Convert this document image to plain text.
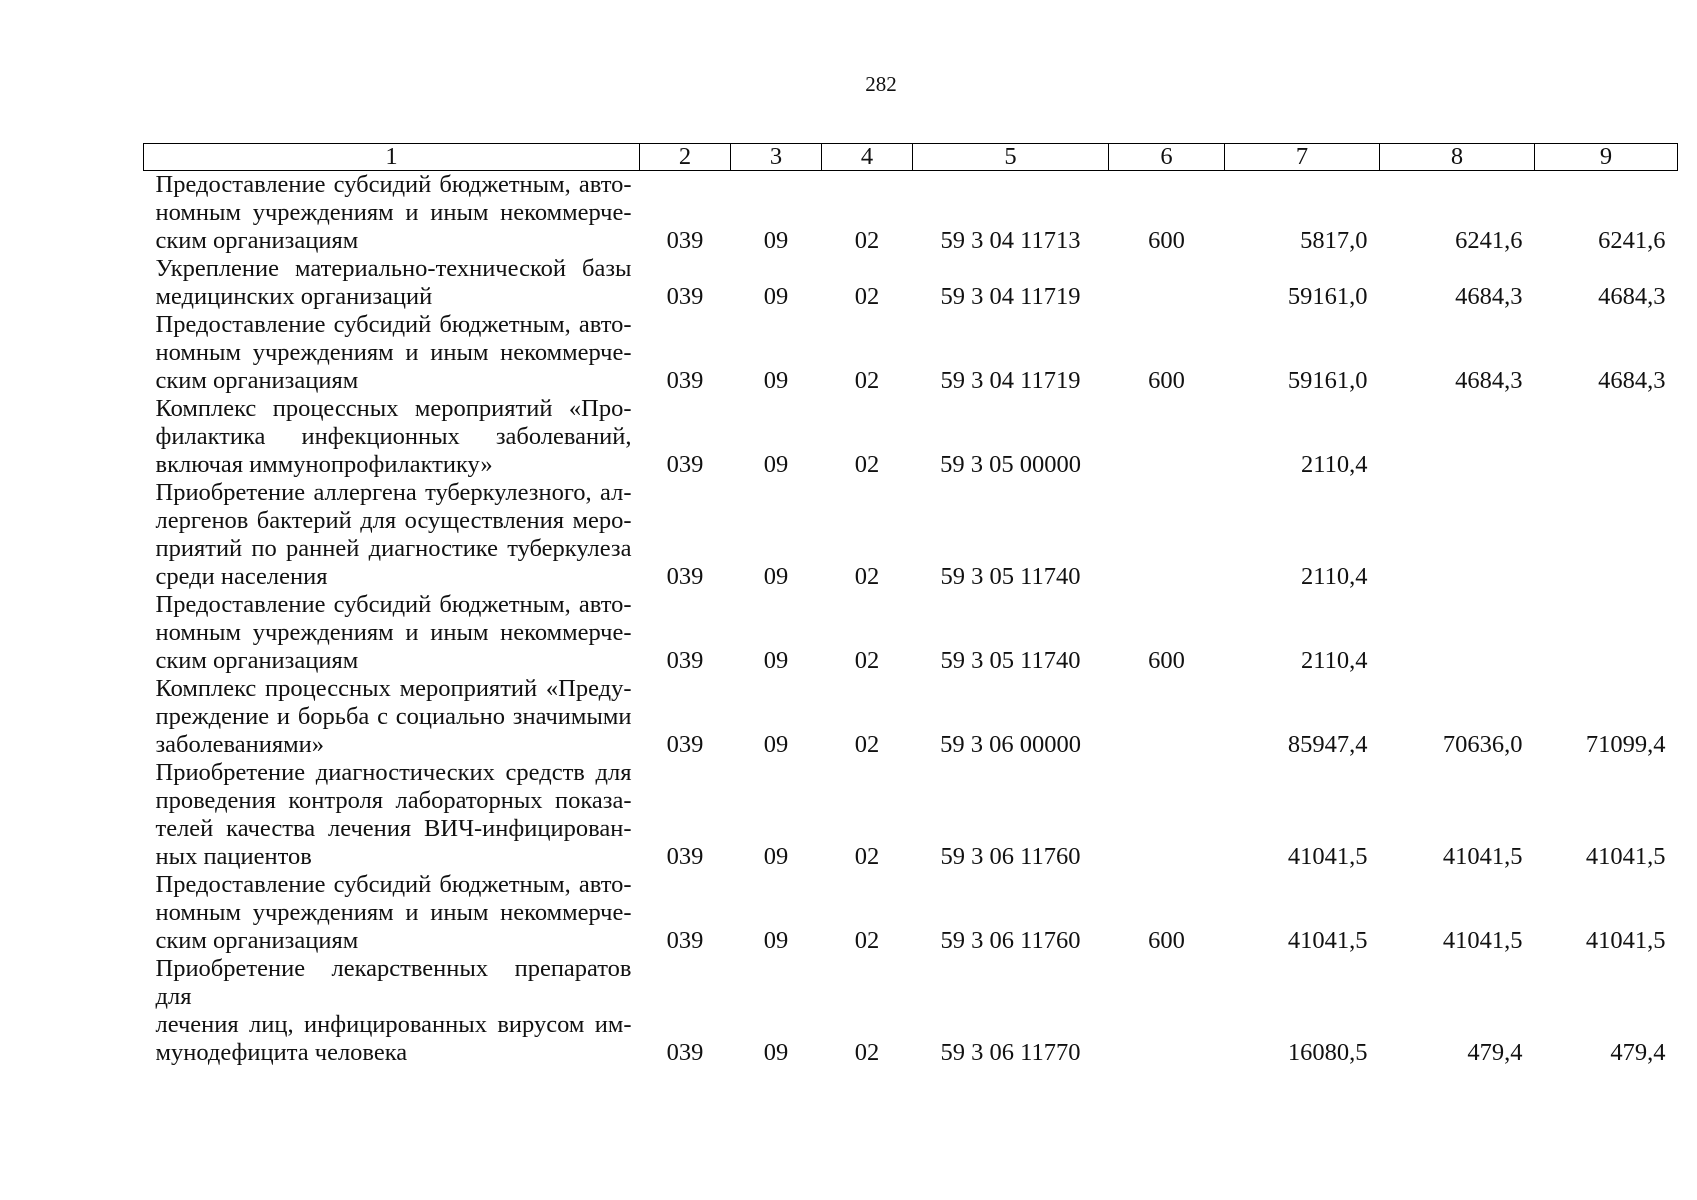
282
1	2	3	4	5	6	7	8	9

Предоставление субсидий бюджетным, авто-
номным учреждениям и иным некоммерче-
ским организациям	039	09	02	59 3 04 11713	600	5817,0	6241,6	6241,6

Укрепление материально-технической базы
медицинских организаций	039	09	02	59 3 04 11719		59161,0	4684,3	4684,3

Предоставление субсидий бюджетным, авто-
номным учреждениям и иным некоммерче-
ским организациям	039	09	02	59 3 04 11719	600	59161,0	4684,3	4684,3

Комплекс процессных мероприятий «Про-
филактика инфекционных заболеваний,
включая иммунопрофилактику»	039	09	02	59 3 05 00000		2110,4		

Приобретение аллергена туберкулезного, ал-
лергенов бактерий для осуществления меро-
приятий по ранней диагностике туберкулеза
среди населения	039	09	02	59 3 05 11740		2110,4		

Предоставление субсидий бюджетным, авто-
номным учреждениям и иным некоммерче-
ским организациям	039	09	02	59 3 05 11740	600	2110,4		

Комплекс процессных мероприятий «Преду-
преждение и борьба с социально значимыми
заболеваниями»	039	09	02	59 3 06 00000		85947,4	70636,0	71099,4

Приобретение диагностических средств для
проведения контроля лабораторных показа-
телей качества лечения ВИЧ-инфицирован-
ных пациентов	039	09	02	59 3 06 11760		41041,5	41041,5	41041,5

Предоставление субсидий бюджетным, авто-
номным учреждениям и иным некоммерче-
ским организациям	039	09	02	59 3 06 11760	600	41041,5	41041,5	41041,5

Приобретение лекарственных препаратов для
лечения лиц, инфицированных вирусом им-
мунодефицита человека	039	09	02	59 3 06 11770		16080,5	479,4	479,4
